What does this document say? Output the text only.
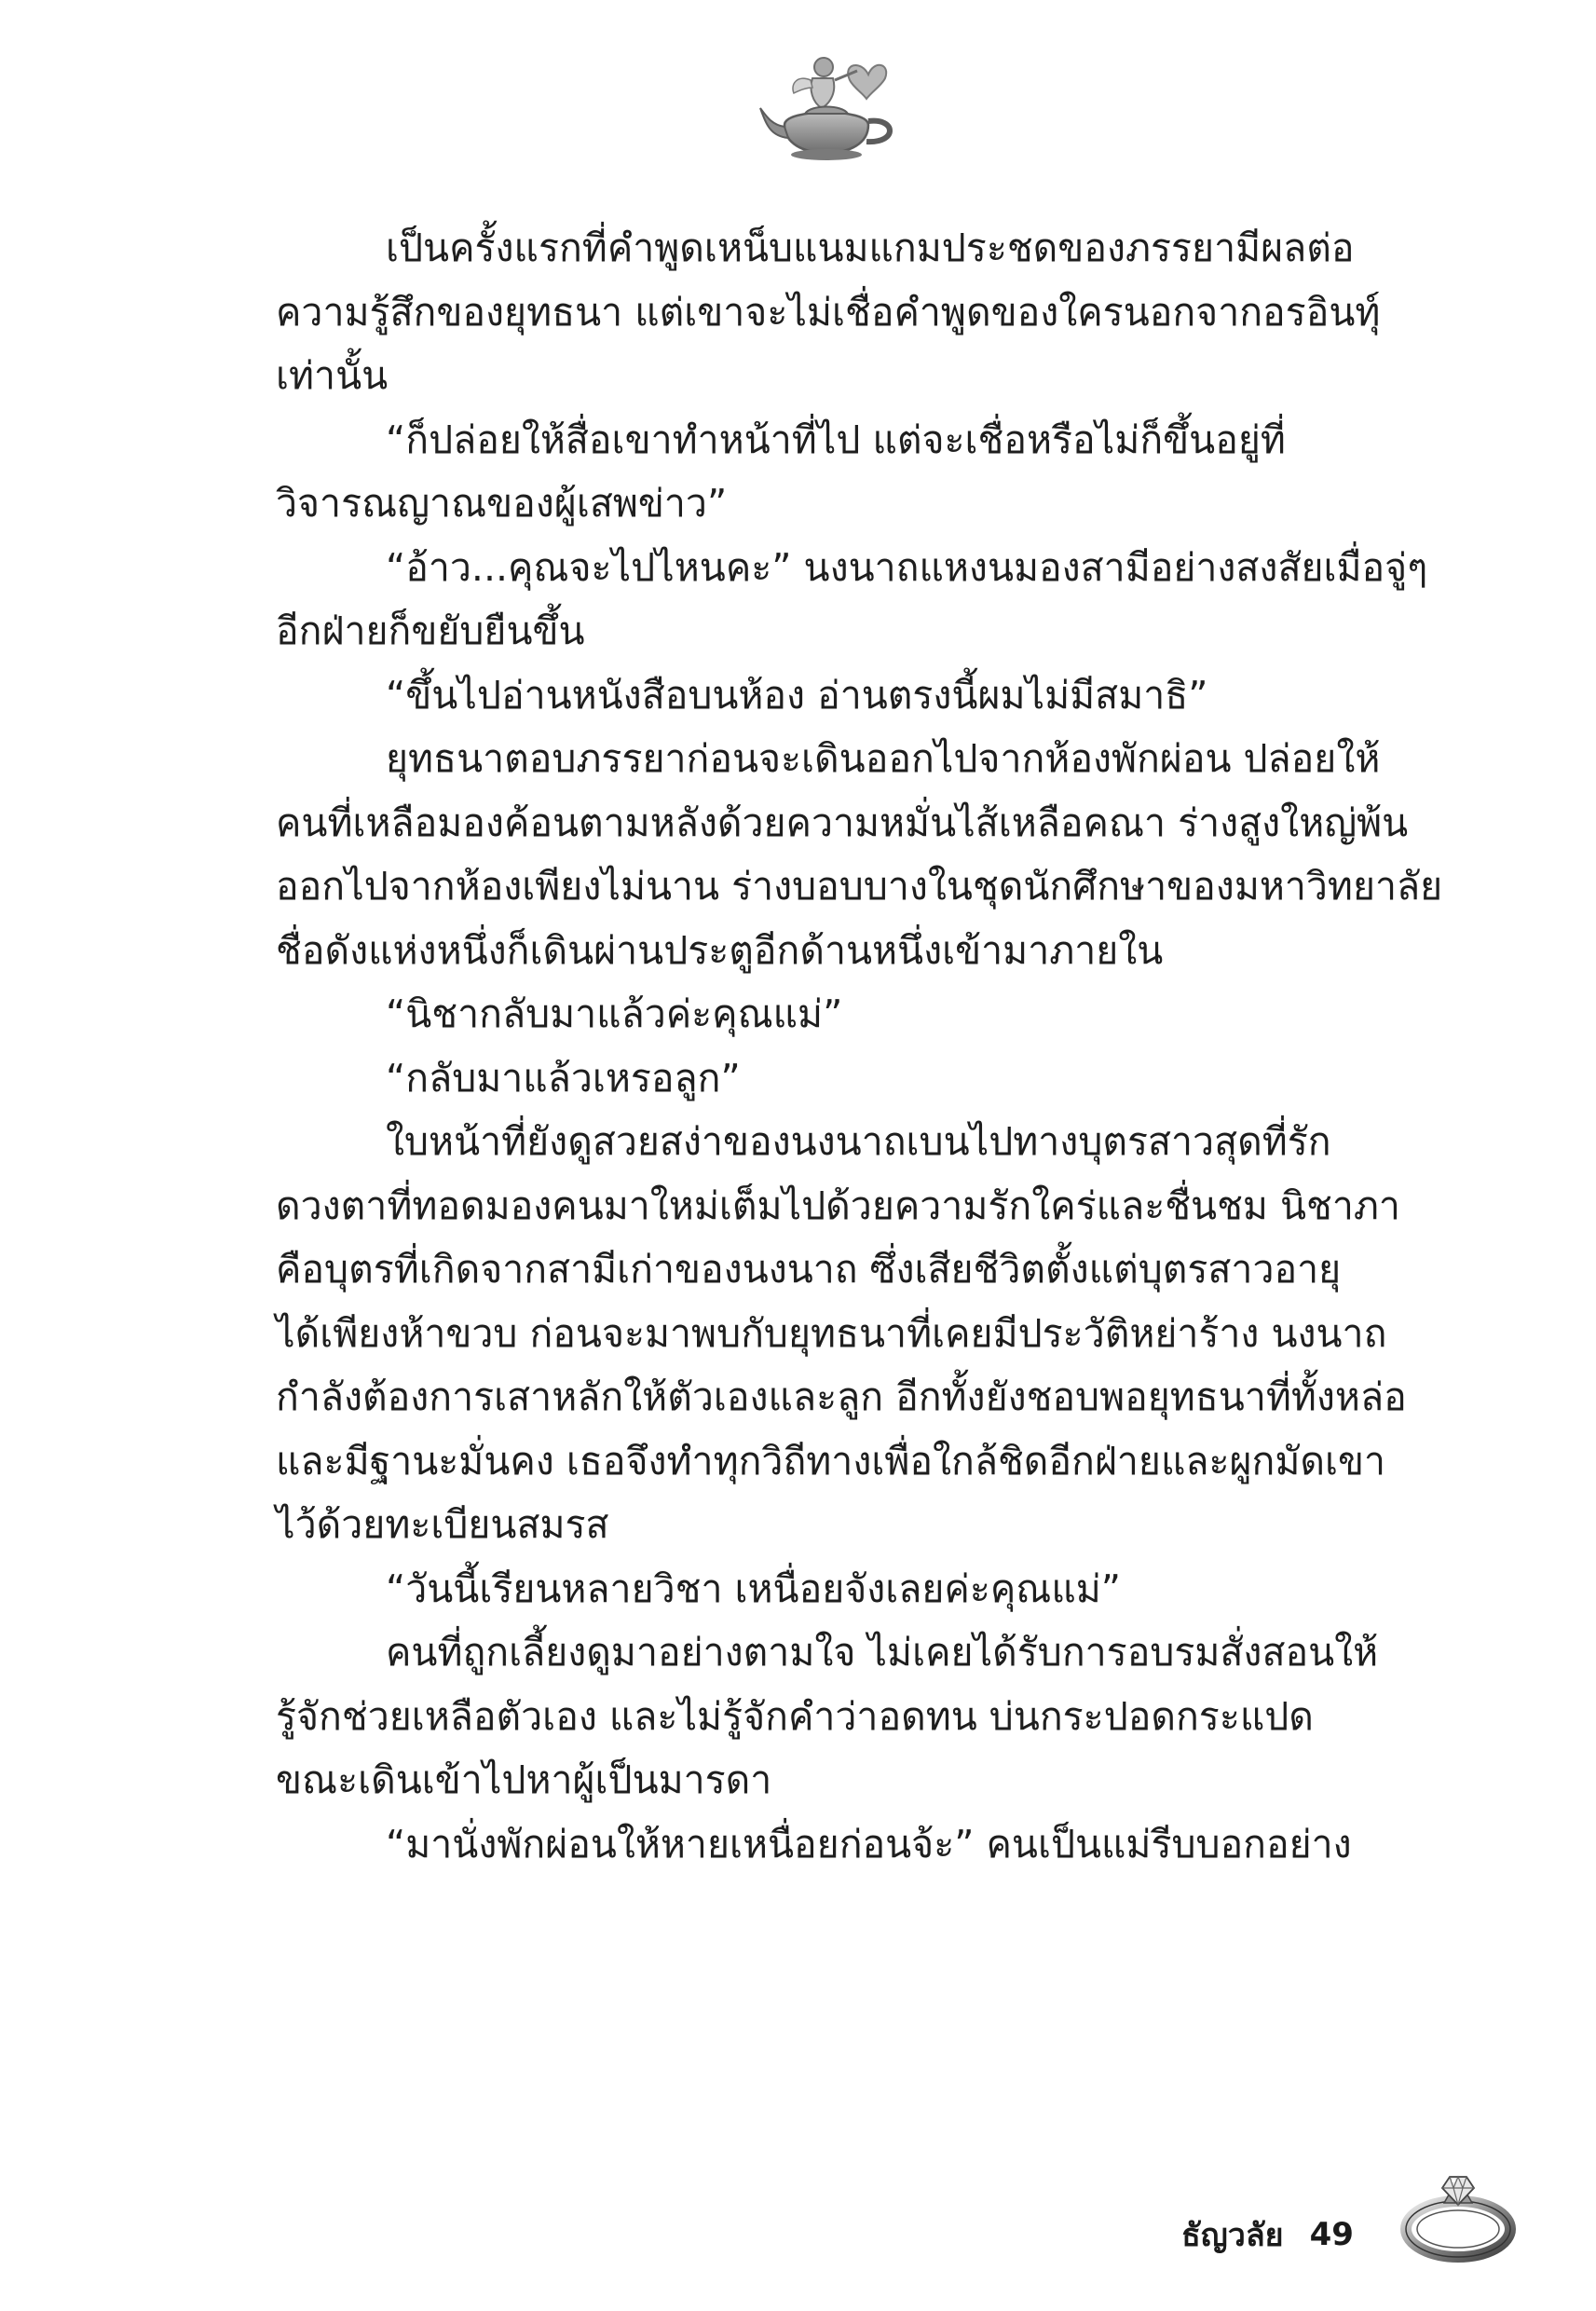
เป็นครั้งแรกที่คำพูดเหน็บแนมแกมประชดของภรรยามีผลต่อ
ความรู้สึกของยุทธนา แต่เขาจะไม่เชื่อคำพูดของใครนอกจากอรอินทุ์
เท่านั้น
“ก็ปล่อยให้สื่อเขาทำหน้าที่ไป แต่จะเชื่อหรือไม่ก็ขึ้นอยู่ที่
วิจารณญาณของผู้เสพข่าว”
“อ้าว...คุณจะไปไหนคะ” นงนาถแหงนมองสามีอย่างสงสัยเมื่อจู่ๆ
อีกฝ่ายก็ขยับยืนขึ้น
“ขึ้นไปอ่านหนังสือบนห้อง อ่านตรงนี้ผมไม่มีสมาธิ”
ยุทธนาตอบภรรยาก่อนจะเดินออกไปจากห้องพักผ่อน ปล่อยให้
คนที่เหลือมองค้อนตามหลังด้วยความหมั่นไส้เหลือคณา ร่างสูงใหญ่พ้น
ออกไปจากห้องเพียงไม่นาน ร่างบอบบางในชุดนักศึกษาของมหาวิทยาลัย
ชื่อดังแห่งหนึ่งก็เดินผ่านประตูอีกด้านหนึ่งเข้ามาภายใน
“นิชากลับมาแล้วค่ะคุณแม่”
“กลับมาแล้วเหรอลูก”
ใบหน้าที่ยังดูสวยสง่าของนงนาถเบนไปทางบุตรสาวสุดที่รัก
ดวงตาที่ทอดมองคนมาใหม่เต็มไปด้วยความรักใคร่และชื่นชม นิชาภา
คือบุตรที่เกิดจากสามีเก่าของนงนาถ ซึ่งเสียชีวิตตั้งแต่บุตรสาวอายุ
ได้เพียงห้าขวบ ก่อนจะมาพบกับยุทธนาที่เคยมีประวัติหย่าร้าง นงนาถ
กำลังต้องการเสาหลักให้ตัวเองและลูก อีกทั้งยังชอบพอยุทธนาที่ทั้งหล่อ
และมีฐานะมั่นคง เธอจึงทำทุกวิถีทางเพื่อใกล้ชิดอีกฝ่ายและผูกมัดเขา
ไว้ด้วยทะเบียนสมรส
“วันนี้เรียนหลายวิชา เหนื่อยจังเลยค่ะคุณแม่”
คนที่ถูกเลี้ยงดูมาอย่างตามใจ ไม่เคยได้รับการอบรมสั่งสอนให้
รู้จักช่วยเหลือตัวเอง และไม่รู้จักคำว่าอดทน บ่นกระปอดกระแปด
ขณะเดินเข้าไปหาผู้เป็นมารดา
“มานั่งพักผ่อนให้หายเหนื่อยก่อนจ้ะ” คนเป็นแม่รีบบอกอย่าง
ธัญวลัย 49
